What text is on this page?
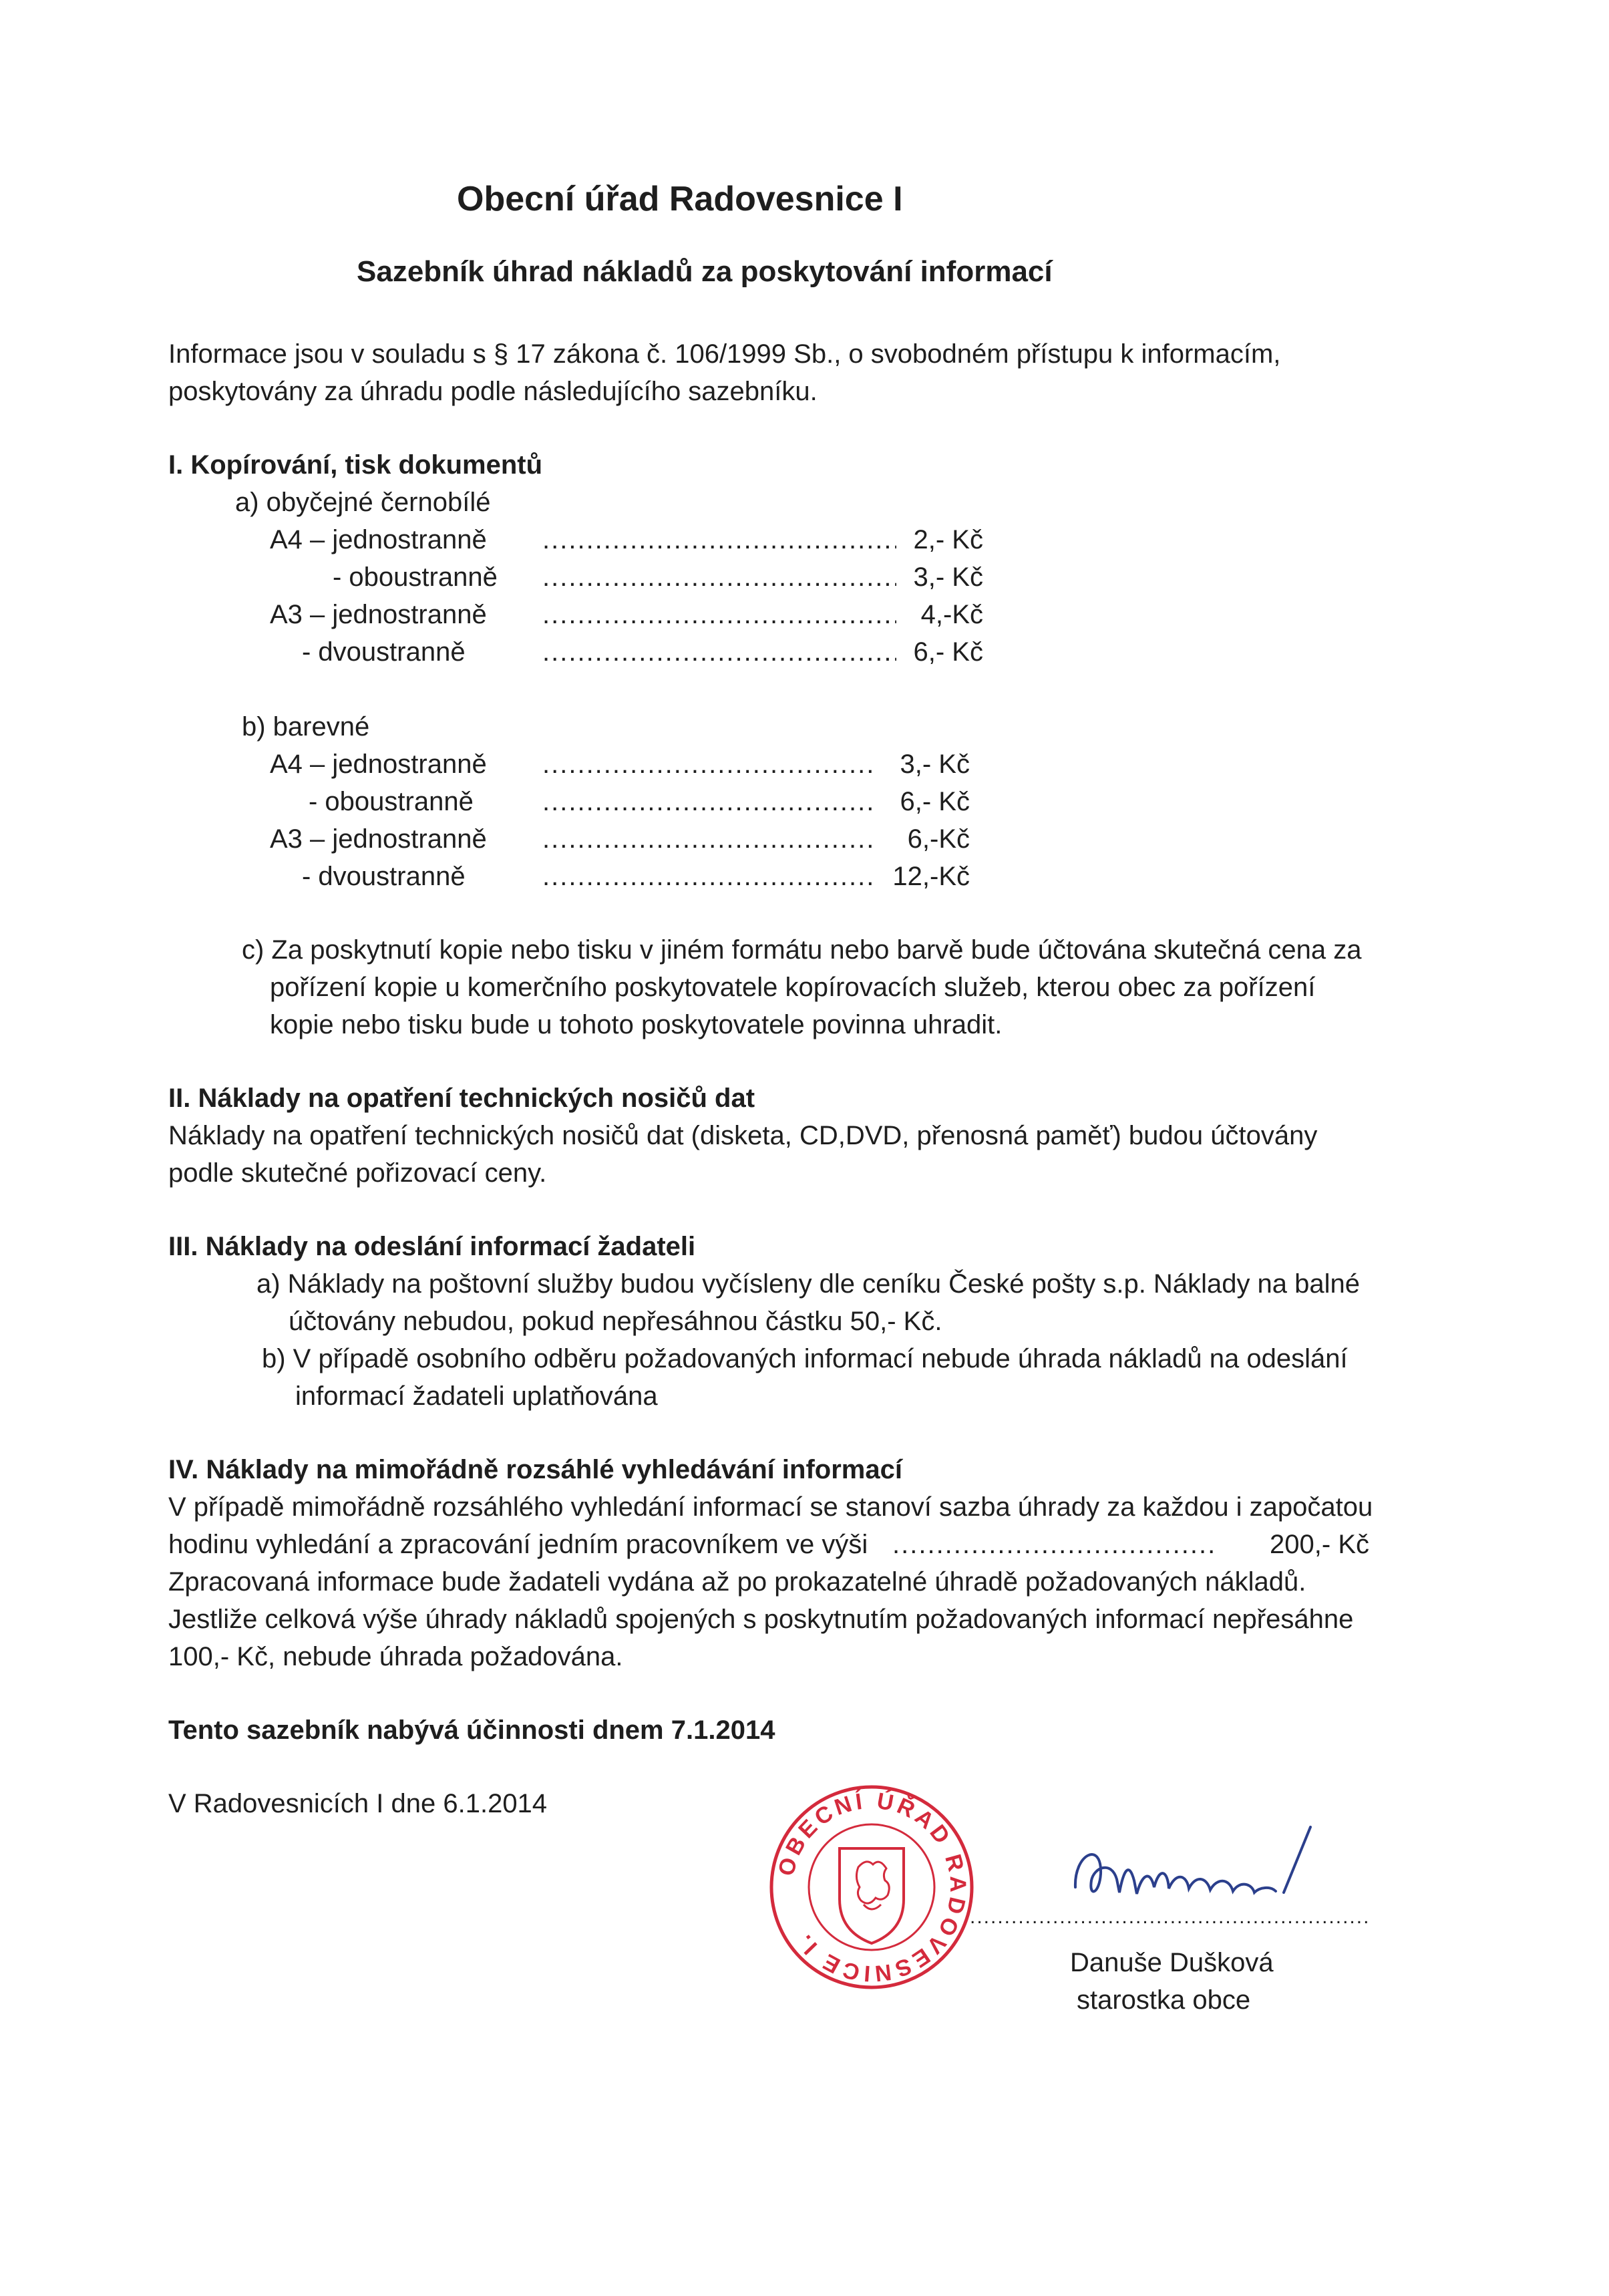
Obecní úřad Radovesnice I
Sazebník úhrad nákladů za poskytování informací
Informace jsou v souladu s § 17 zákona č. 106/1999 Sb., o svobodném přístupu k informacím,
poskytovány za úhradu podle následujícího sazebníku.
I. Kopírování, tisk dokumentů
a) obyčejné černobílé
A4 – jednostranně .....	2,- Kč
- oboustranně .....	3,- Kč
A3 – jednostranně .....	4,-Kč
- dvoustranně .....	6,- Kč
b) barevné
A4 – jednostranně .....	3,- Kč
- oboustranně .....	6,- Kč
A3 – jednostranně .....	6,-Kč
- dvoustranně .....	12,-Kč
c) Za poskytnutí kopie nebo tisku v jiném formátu nebo barvě bude účtována skutečná cena za
pořízení kopie u komerčního poskytovatele kopírovacích služeb, kterou obec za pořízení
kopie nebo tisku bude u tohoto poskytovatele povinna uhradit.
II. Náklady na opatření technických nosičů dat
Náklady na opatření technických nosičů dat (disketa, CD,DVD, přenosná paměť) budou účtovány
podle skutečné pořizovací ceny.
III. Náklady na odeslání informací žadateli
a) Náklady na poštovní služby budou vyčísleny dle ceníku České pošty s.p. Náklady na balné
účtovány nebudou, pokud nepřesáhnou částku 50,- Kč.
b) V případě osobního odběru požadovaných informací nebude úhrada nákladů na odeslání
informací žadateli uplatňována
IV. Náklady na mimořádně rozsáhlé vyhledávání informací
V případě mimořádně rozsáhlého vyhledání informací se stanoví sazba úhrady za každou i započatou
hodinu vyhledání a zpracování jedním pracovníkem ve výši .....	200,- Kč
Zpracovaná informace bude žadateli vydána až po prokazatelné úhradě požadovaných nákladů.
Jestliže celková výše úhrady nákladů spojených s poskytnutím požadovaných informací nepřesáhne
100,- Kč, nebude úhrada požadována.
Tento sazebník nabývá účinnosti dnem 7.1.2014
V Radovesnicích I dne 6.1.2014
OBECNÍ ÚŘAD RADOVESNICE I.
.....
Danuše Dušková
starostka obce
